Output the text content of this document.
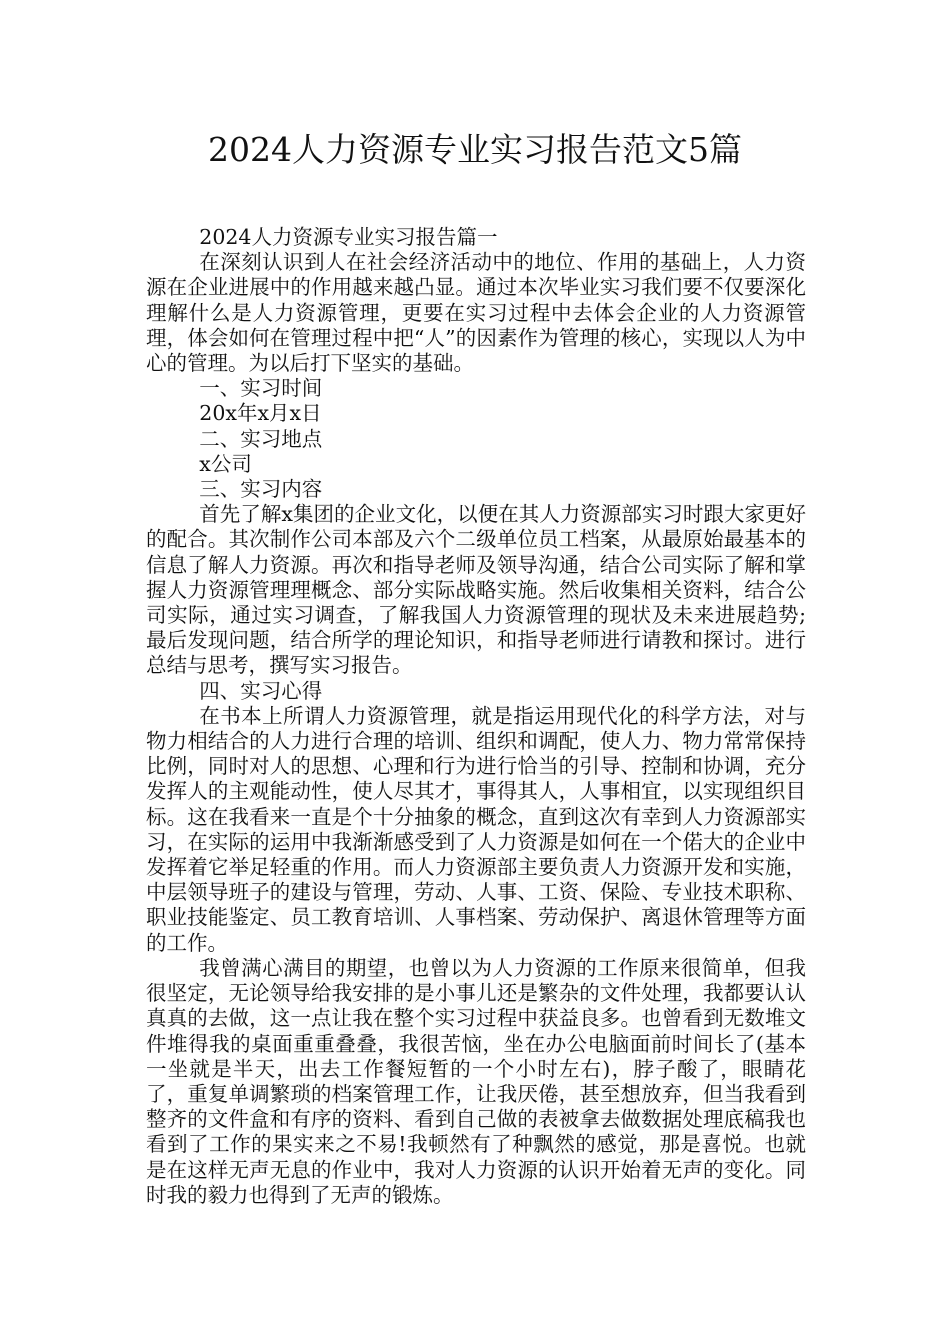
2024人力资源专业实习报告范文5篇

2024人力资源专业实习报告篇一

在深刻认识到人在社会经济活动中的地位、作用的基础上，人力资源在企业进展中的作用越来越凸显。通过本次毕业实习我们要不仅要深化理解什么是人力资源管理，更要在实习过程中去体会企业的人力资源管理，体会如何在管理过程中把“人”的因素作为管理的核心，实现以人为中心的管理。为以后打下坚实的基础。

一、实习时间

20x年x月x日

二、实习地点

x公司

三、实习内容

首先了解x集团的企业文化，以便在其人力资源部实习时跟大家更好的配合。其次制作公司本部及六个二级单位员工档案，从最原始最基本的信息了解人力资源。再次和指导老师及领导沟通，结合公司实际了解和掌握人力资源管理理概念、部分实际战略实施。然后收集相关资料，结合公司实际，通过实习调查，了解我国人力资源管理的现状及未来进展趋势;最后发现问题，结合所学的理论知识，和指导老师进行请教和探讨。进行总结与思考，撰写实习报告。

四、实习心得

在书本上所谓人力资源管理，就是指运用现代化的科学方法，对与物力相结合的人力进行合理的培训、组织和调配，使人力、物力常常保持比例，同时对人的思想、心理和行为进行恰当的引导、控制和协调，充分发挥人的主观能动性，使人尽其才，事得其人，人事相宜，以实现组织目标。这在我看来一直是个十分抽象的概念，直到这次有幸到人力资源部实习，在实际的运用中我渐渐感受到了人力资源是如何在一个偌大的企业中发挥着它举足轻重的作用。而人力资源部主要负责人力资源开发和实施，中层领导班子的建设与管理，劳动、人事、工资、保险、专业技术职称、职业技能鉴定、员工教育培训、人事档案、劳动保护、离退休管理等方面的工作。

我曾满心满目的期望，也曾以为人力资源的工作原来很简单，但我很坚定，无论领导给我安排的是小事儿还是繁杂的文件处理，我都要认认真真的去做，这一点让我在整个实习过程中获益良多。也曾看到无数堆文件堆得我的桌面重重叠叠，我很苦恼，坐在办公电脑面前时间长了(基本一坐就是半天，出去工作餐短暂的一个小时左右)，脖子酸了，眼睛花了，重复单调繁琐的档案管理工作，让我厌倦，甚至想放弃，但当我看到整齐的文件盒和有序的资料、看到自己做的表被拿去做数据处理底稿我也看到了工作的果实来之不易!我顿然有了种飘然的感觉，那是喜悦。也就是在这样无声无息的作业中，我对人力资源的认识开始着无声的变化。同时我的毅力也得到了无声的锻炼。
